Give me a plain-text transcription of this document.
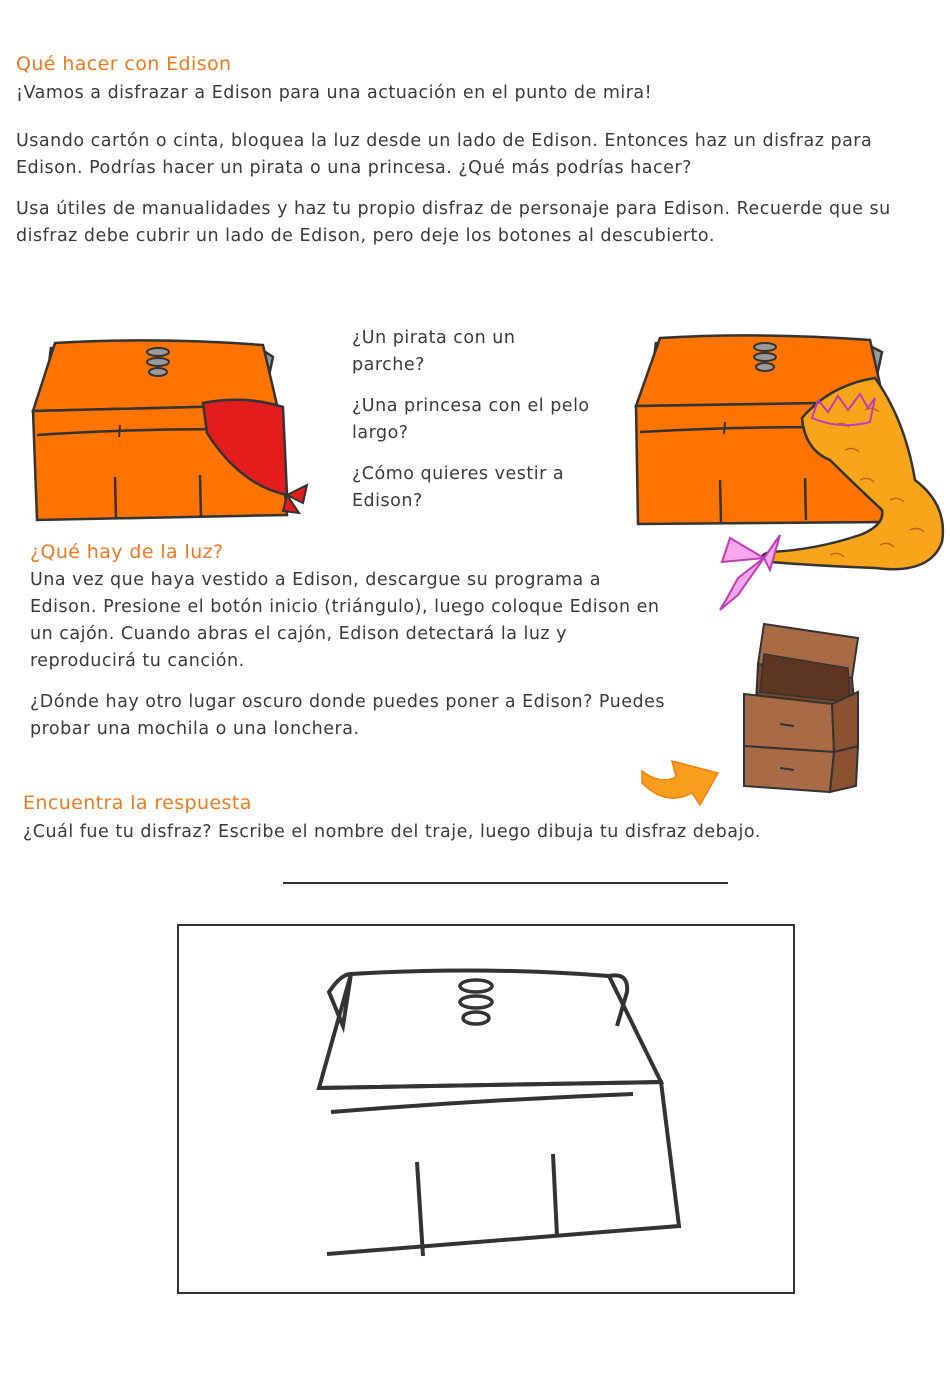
Qué hacer con Edison

¡Vamos a disfrazar a Edison para una actuación en el punto de mira!

Usando cartón o cinta, bloquea la luz desde un lado de Edison. Entonces haz un disfraz para Edison. Podrías hacer un pirata o una princesa. ¿Qué más podrías hacer?

Usa útiles de manualidades y haz tu propio disfraz de personaje para Edison. Recuerde que su disfraz debe cubrir un lado de Edison, pero deje los botones al descubierto.

¿Un pirata con un parche?

¿Una princesa con el pelo largo?

¿Cómo quieres vestir a Edison?

¿Qué hay de la luz?

Una vez que haya vestido a Edison, descargue su programa a Edison. Presione el botón inicio (triángulo), luego coloque Edison en un cajón. Cuando abras el cajón, Edison detectará la luz y reproducirá tu canción.

¿Dónde hay otro lugar oscuro donde puedes poner a Edison? Puedes probar una mochila o una lonchera.

Encuentra la respuesta

¿Cuál fue tu disfraz? Escribe el nombre del traje, luego dibuja tu disfraz debajo.
